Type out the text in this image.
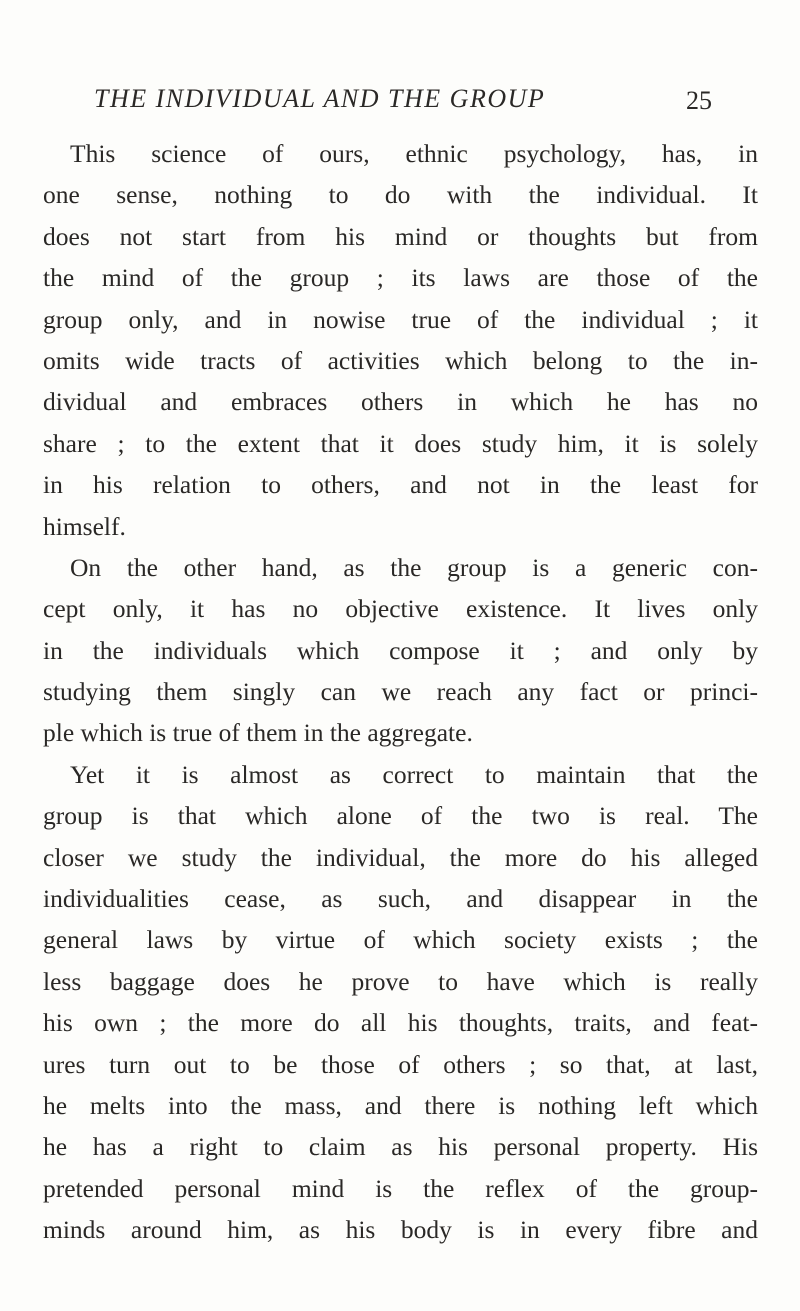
THE INDIVIDUAL AND THE GROUP	25
This science of ours, ethnic psychology, has, in
one sense, nothing to do with the individual. It
does not start from his mind or thoughts but from
the mind of the group ; its laws are those of the
group only, and in nowise true of the individual ; it
omits wide tracts of activities which belong to the in-
dividual and embraces others in which he has no
share ; to the extent that it does study him, it is solely
in his relation to others, and not in the least for
himself.
On the other hand, as the group is a generic con-
cept only, it has no objective existence. It lives only
in the individuals which compose it ; and only by
studying them singly can we reach any fact or princi-
ple which is true of them in the aggregate.
Yet it is almost as correct to maintain that the
group is that which alone of the two is real. The
closer we study the individual, the more do his alleged
individualities cease, as such, and disappear in the
general laws by virtue of which society exists ; the
less baggage does he prove to have which is really
his own ; the more do all his thoughts, traits, and feat-
ures turn out to be those of others ; so that, at last,
he melts into the mass, and there is nothing left which
he has a right to claim as his personal property. His
pretended personal mind is the reflex of the group-
minds around him, as his body is in every fibre and
